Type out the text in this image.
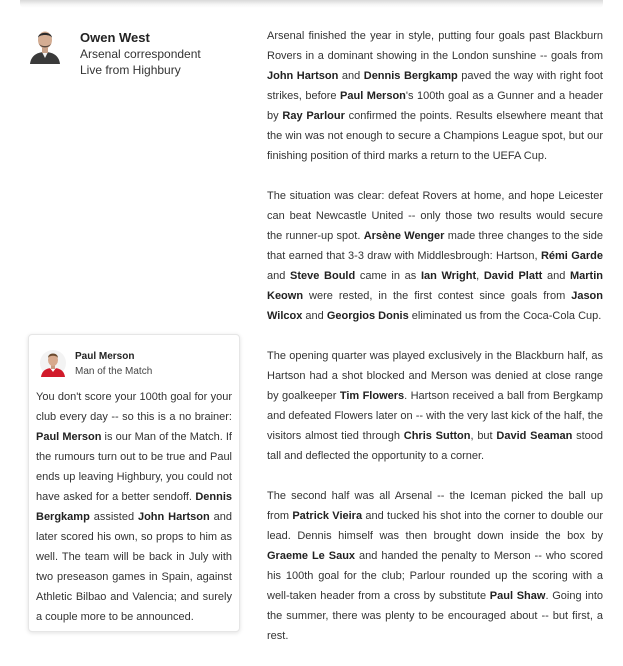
Owen West
Arsenal correspondent
Live from Highbury

Arsenal finished the year in style, putting four goals past Blackburn Rovers in a dominant showing in the London sunshine -- goals from John Hartson and Dennis Bergkamp paved the way with right foot strikes, before Paul Merson's 100th goal as a Gunner and a header by Ray Parlour confirmed the points. Results elsewhere meant that the win was not enough to secure a Champions League spot, but our finishing position of third marks a return to the UEFA Cup.

The situation was clear: defeat Rovers at home, and hope Leicester can beat Newcastle United -- only those two results would secure the runner-up spot. Arsène Wenger made three changes to the side that earned that 3-3 draw with Middlesbrough: Hartson, Rémi Garde and Steve Bould came in as Ian Wright, David Platt and Martin Keown were rested, in the first contest since goals from Jason Wilcox and Georgios Donis eliminated us from the Coca-Cola Cup.

The opening quarter was played exclusively in the Blackburn half, as Hartson had a shot blocked and Merson was denied at close range by goalkeeper Tim Flowers. Hartson received a ball from Bergkamp and defeated Flowers later on -- with the very last kick of the half, the visitors almost tied through Chris Sutton, but David Seaman stood tall and deflected the opportunity to a corner.

The second half was all Arsenal -- the Iceman picked the ball up from Patrick Vieira and tucked his shot into the corner to double our lead. Dennis himself was then brought down inside the box by Graeme Le Saux and handed the penalty to Merson -- who scored his 100th goal for the club; Parlour rounded up the scoring with a well-taken header from a cross by substitute Paul Shaw. Going into the summer, there was plenty to be encouraged about -- but first, a rest.

Paul Merson
Man of the Match
You don't score your 100th goal for your club every day -- so this is a no brainer: Paul Merson is our Man of the Match. If the rumours turn out to be true and Paul ends up leaving Highbury, you could not have asked for a better sendoff. Dennis Bergkamp assisted John Hartson and later scored his own, so props to him as well. The team will be back in July with two preseason games in Spain, against Athletic Bilbao and Valencia; and surely a couple more to be announced.
